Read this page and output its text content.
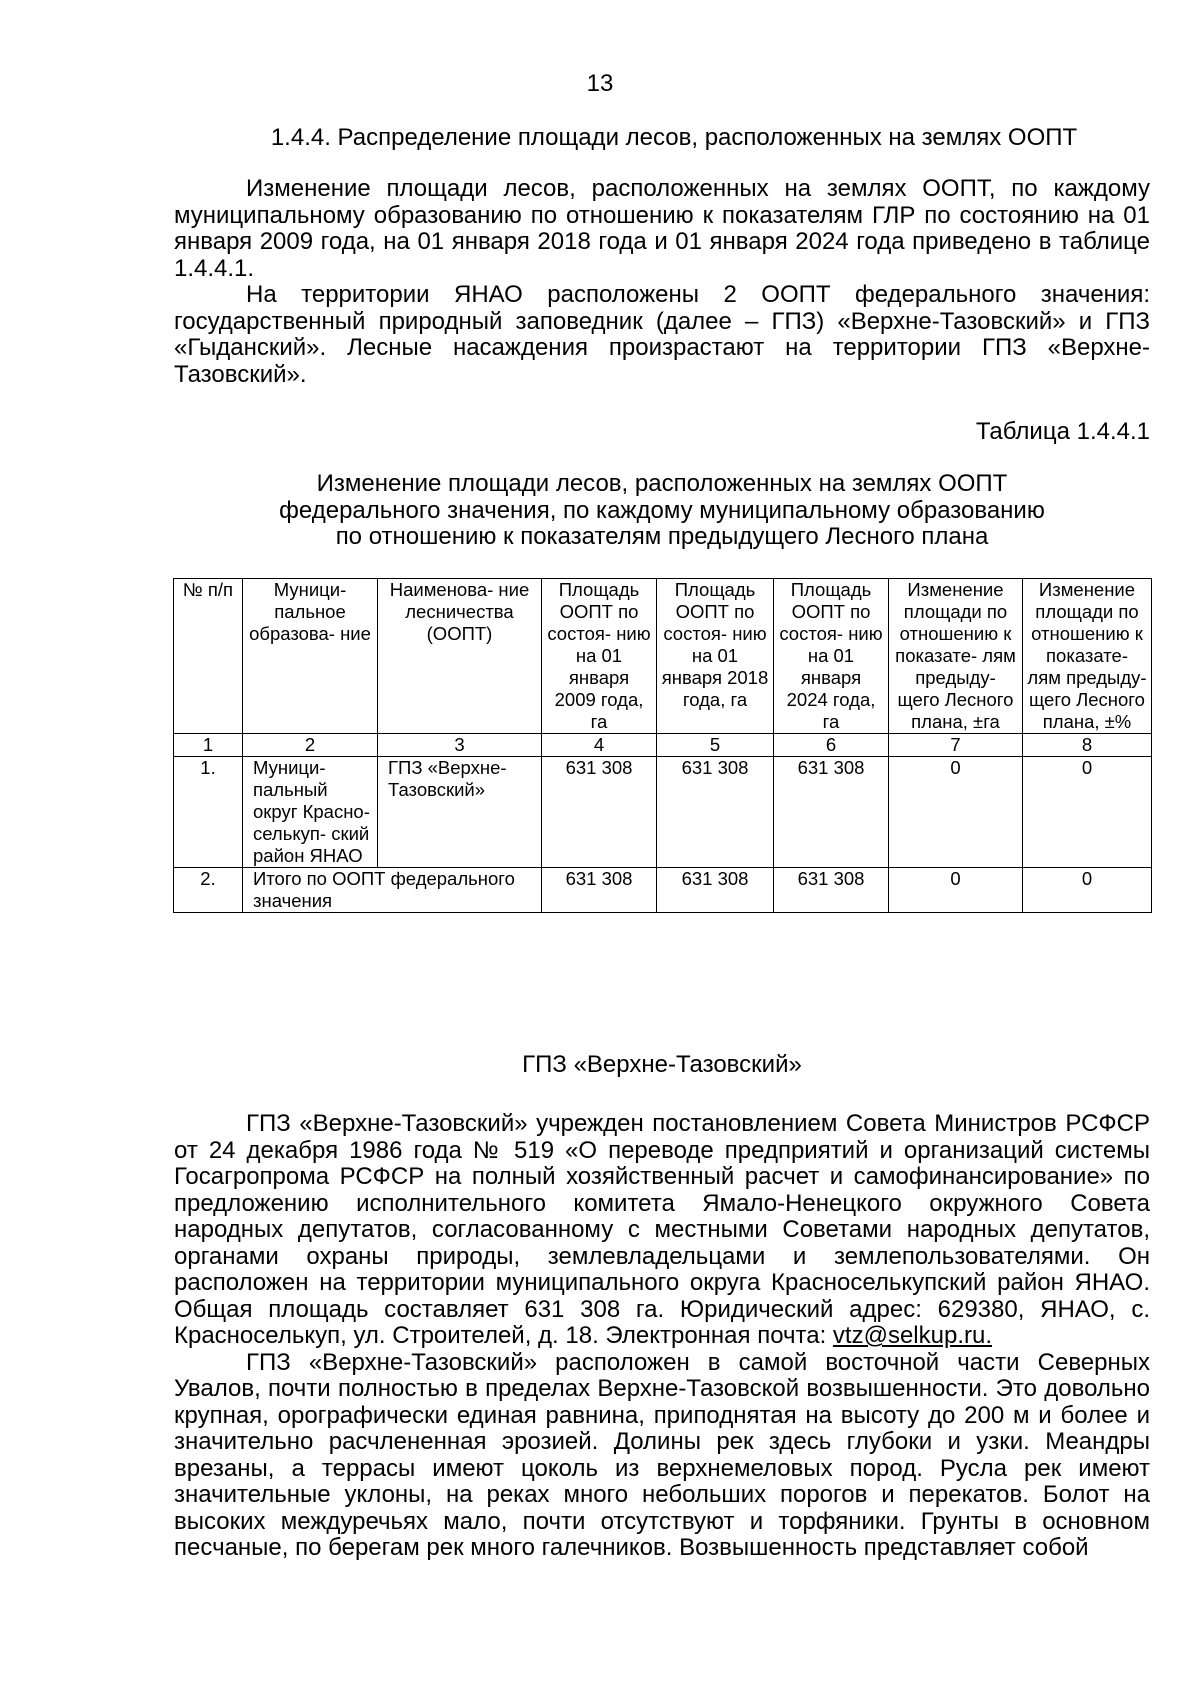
13
1.4.4. Распределение площади лесов, расположенных на землях ООПТ

Изменение площади лесов, расположенных на землях ООПТ, по каждому муниципальному образованию по отношению к показателям ГЛР по состоянию на 01 января 2009 года, на 01 января 2018 года и 01 января 2024 года приведено в таблице 1.4.4.1.

На территории ЯНАО расположены 2 ООПТ федерального значения: государственный природный заповедник (далее – ГПЗ) «Верхне-Тазовский» и ГПЗ «Гыданский». Лесные насаждения произрастают на территории ГПЗ «Верхне-Тазовский».

Таблица 1.4.4.1
Изменение площади лесов, расположенных на землях ООПТ
федерального значения, по каждому муниципальному образованию
по отношению к показателям предыдущего Лесного плана
№ п/п	Муници- пальное образова- ние	Наименова- ние лесничества (ООПТ)	Площадь ООПТ по состоя- нию на 01 января 2009 года, га	Площадь ООПТ по состоя- нию на 01 января 2018 года, га	Площадь ООПТ по состоя- нию на 01 января 2024 года, га	Изменение площади по отношению к показате- лям предыду- щего Лесного плана, ±га	Изменение площади по отношению к показате- лям предыду- щего Лесного плана, ±%
1	2	3	4	5	6	7	8
1.	Муници- пальный округ Красно- селькуп- ский район ЯНАО	ГПЗ «Верхне- Тазовский»	631 308	631 308	631 308	0	0
2.	Итого по ООПТ федерального значения		631 308	631 308	631 308	0	0
ГПЗ «Верхне-Тазовский»

ГПЗ «Верхне-Тазовский» учрежден постановлением Совета Министров РСФСР от 24 декабря 1986 года № 519 «О переводе предприятий и организаций системы Госагропрома РСФСР на полный хозяйственный расчет и самофинансирование» по предложению исполнительного комитета Ямало-Ненецкого окружного Совета народных депутатов, согласованному с местными Советами народных депутатов, органами охраны природы, землевладельцами и землепользователями. Он расположен на территории муниципального округа Красноселькупский район ЯНАО. Общая площадь составляет 631 308 га. Юридический адрес: 629380, ЯНАО, с. Красноселькуп, ул. Строителей, д. 18. Электронная почта: vtz@selkup.ru.

ГПЗ «Верхне-Тазовский» расположен в самой восточной части Северных Увалов, почти полностью в пределах Верхне-Тазовской возвышенности. Это довольно крупная, орографически единая равнина, приподнятая на высоту до 200 м и более и значительно расчлененная эрозией. Долины рек здесь глубоки и узки. Меандры врезаны, а террасы имеют цоколь из верхнемеловых пород. Русла рек имеют значительные уклоны, на реках много небольших порогов и перекатов. Болот на высоких междуречьях мало, почти отсутствуют и торфяники. Грунты в основном песчаные, по берегам рек много галечников. Возвышенность представляет собой
